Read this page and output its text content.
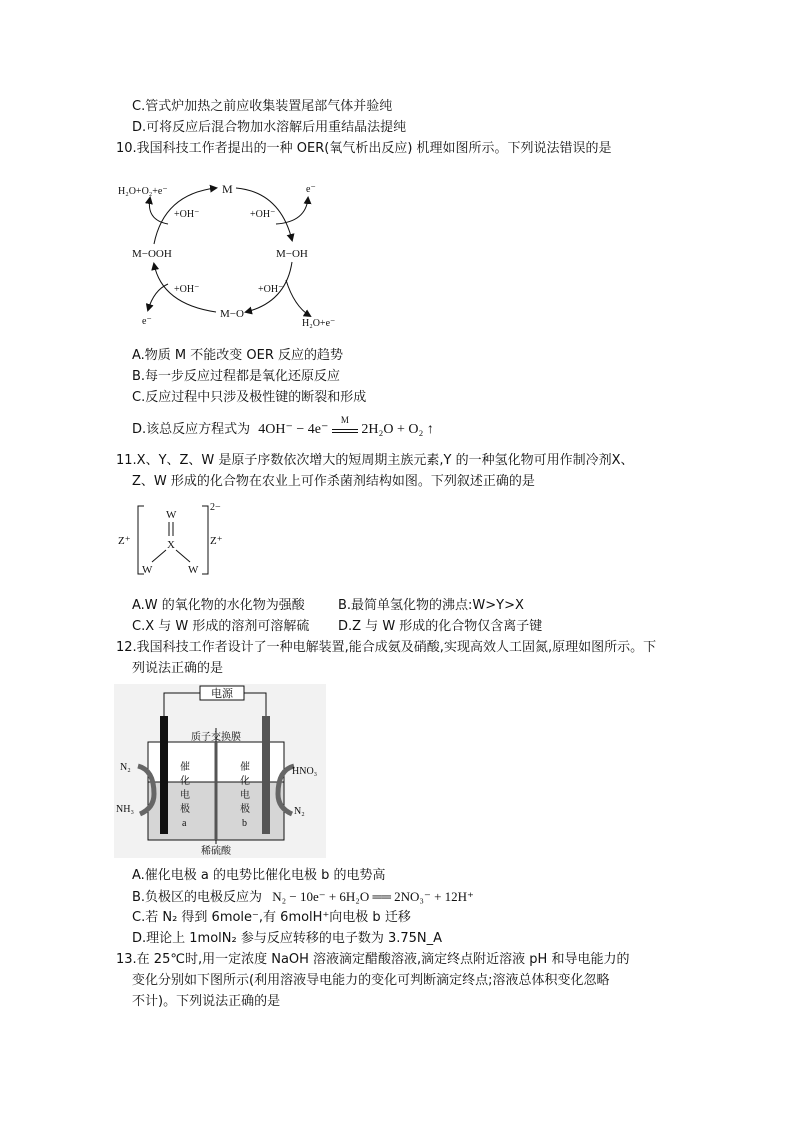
C.管式炉加热之前应收集装置尾部气体并验纯
D.可将反应后混合物加水溶解后用重结晶法提纯
10.我国科技工作者提出的一种 OER(氧气析出反应) 机理如图所示。下列说法错误的是
M
M−OH
M−O
M−OOH
H₂O+O₂+e⁻	e⁻
H₂O+e⁻
e⁻
+OH⁻	+OH⁻
+OH⁻	+OH⁻
A.物质 M 不能改变 OER 反应的趋势
B.每一步反应过程都是氧化还原反应
C.反应过程中只涉及极性键的断裂和形成
D.该总反应方程式为 4OH⁻ − 4e⁻
M
2H₂O + O₂ ↑
11.X、Y、Z、W 是原子序数依次增大的短周期主族元素,Y 的一种氢化物可用作制冷剂X、
Z、W 形成的化合物在农业上可作杀菌剂结构如图。下列叙述正确的是
Z⁺
2−
Z⁺
W
X
W	W
A.W 的氧化物的水化物为强酸	B.最简单氢化物的沸点:W>Y>X
C.X 与 W 形成的溶剂可溶解硫 D.Z 与 W 形成的化合物仅含离子键
12.我国科技工作者设计了一种电解装置,能合成氨及硝酸,实现高效人工固氮,原理如图所示。下
列说法正确的是
电源
质子交换膜
催
化
电
极
a
催
化
电
极
b
N₂
NH₃
HNO₃
N₂
稀硫酸
A.催化电极 a 的电势比催化电极 b 的电势高
B.负极区的电极反应为 N₂ − 10e⁻ + 6H₂O ══ 2NO₃⁻ + 12H⁺
C.若 N₂ 得到 6mole⁻,有 6molH⁺向电极 b 迁移
D.理论上 1molN₂ 参与反应转移的电子数为 3.75N_A
13.在 25℃时,用一定浓度 NaOH 溶液滴定醋酸溶液,滴定终点附近溶液 pH 和导电能力的
变化分别如下图所示(利用溶液导电能力的变化可判断滴定终点;溶液总体积变化忽略
不计)。下列说法正确的是
